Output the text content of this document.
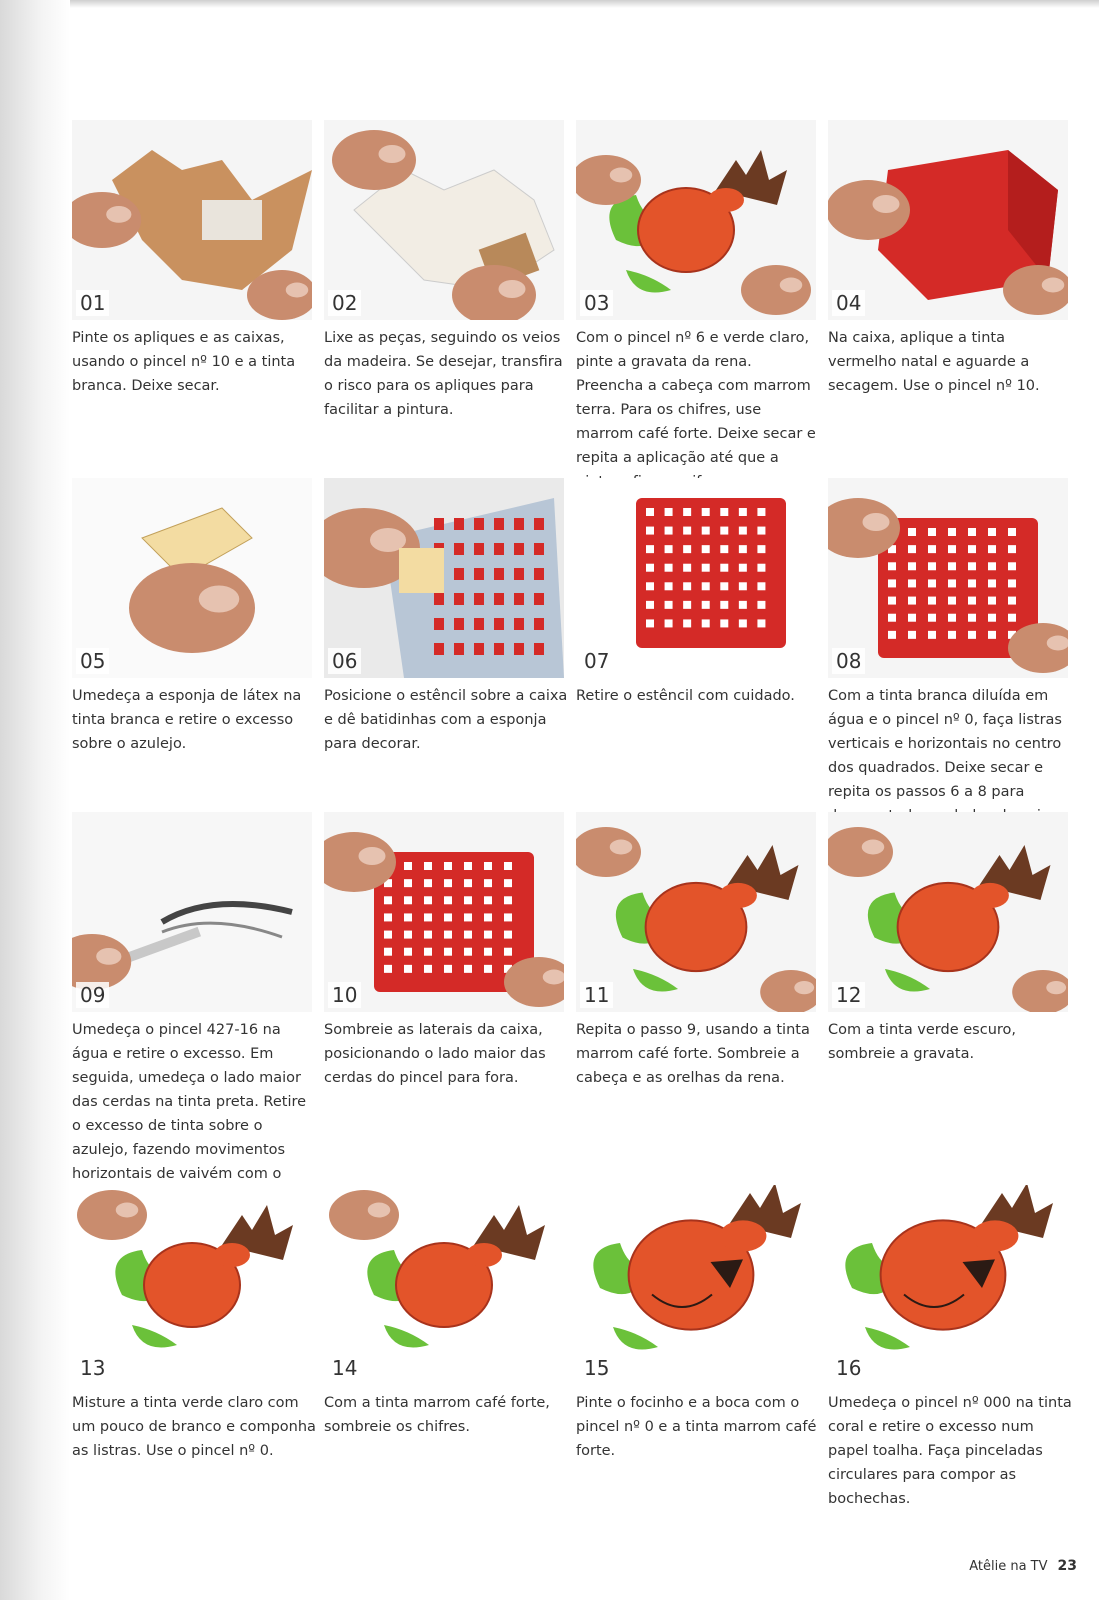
01
Pinte os apliques e as caixas, usando o pincel nº 10 e a tinta branca. Deixe secar.
02
Lixe as peças, seguindo os veios da madeira. Se desejar, transfira o risco para os apliques para facilitar a pintura.
03
Com o pincel nº 6 e verde claro, pinte a gravata da rena. Preencha a cabeça com marrom terra. Para os chifres, use marrom café forte. Deixe secar e repita a aplicação até que a
04
Na caixa, aplique a tinta vermelho natal e aguarde a secagem. Use o pincel nº 10.
05
Umedeça a esponja de látex na tinta branca e retire o excesso sobre o azulejo.
06
Posicione o estêncil sobre a caixa e dê batidinhas com a esponja para decorar.
07
Retire o estêncil com cuidado.
08
Com a tinta branca diluída em água e o pincel nº 0, faça listras verticais e horizontais no centro dos quadrados. Deixe secar e repita os passos 6 a 8 para
09
Umedeça o pincel 427-16 na água e retire o excesso. Em seguida, umedeça o lado maior das cerdas na tinta preta. Retire o excesso de tinta sobre o azulejo, fazendo movimentos horizontais de vaivém com o
10
Sombreie as laterais da caixa, posicionando o lado maior das cerdas do pincel para fora.
11
Repita o passo 9, usando a tinta marrom café forte. Sombreie a cabeça e as orelhas da rena.
12
Com a tinta verde escuro, sombreie a gravata.
13
Misture a tinta verde claro com um pouco de branco e componha as listras. Use o pincel nº 0.
14
Com a tinta marrom café forte, sombreie os chifres.
15
Pinte o focinho e a boca com o pincel nº 0 e a tinta marrom café forte.
16
Umedeça o pincel nº 000 na tinta coral e retire o excesso num papel toalha. Faça pinceladas circulares para compor as bochechas.
Atêlie na TV 23
